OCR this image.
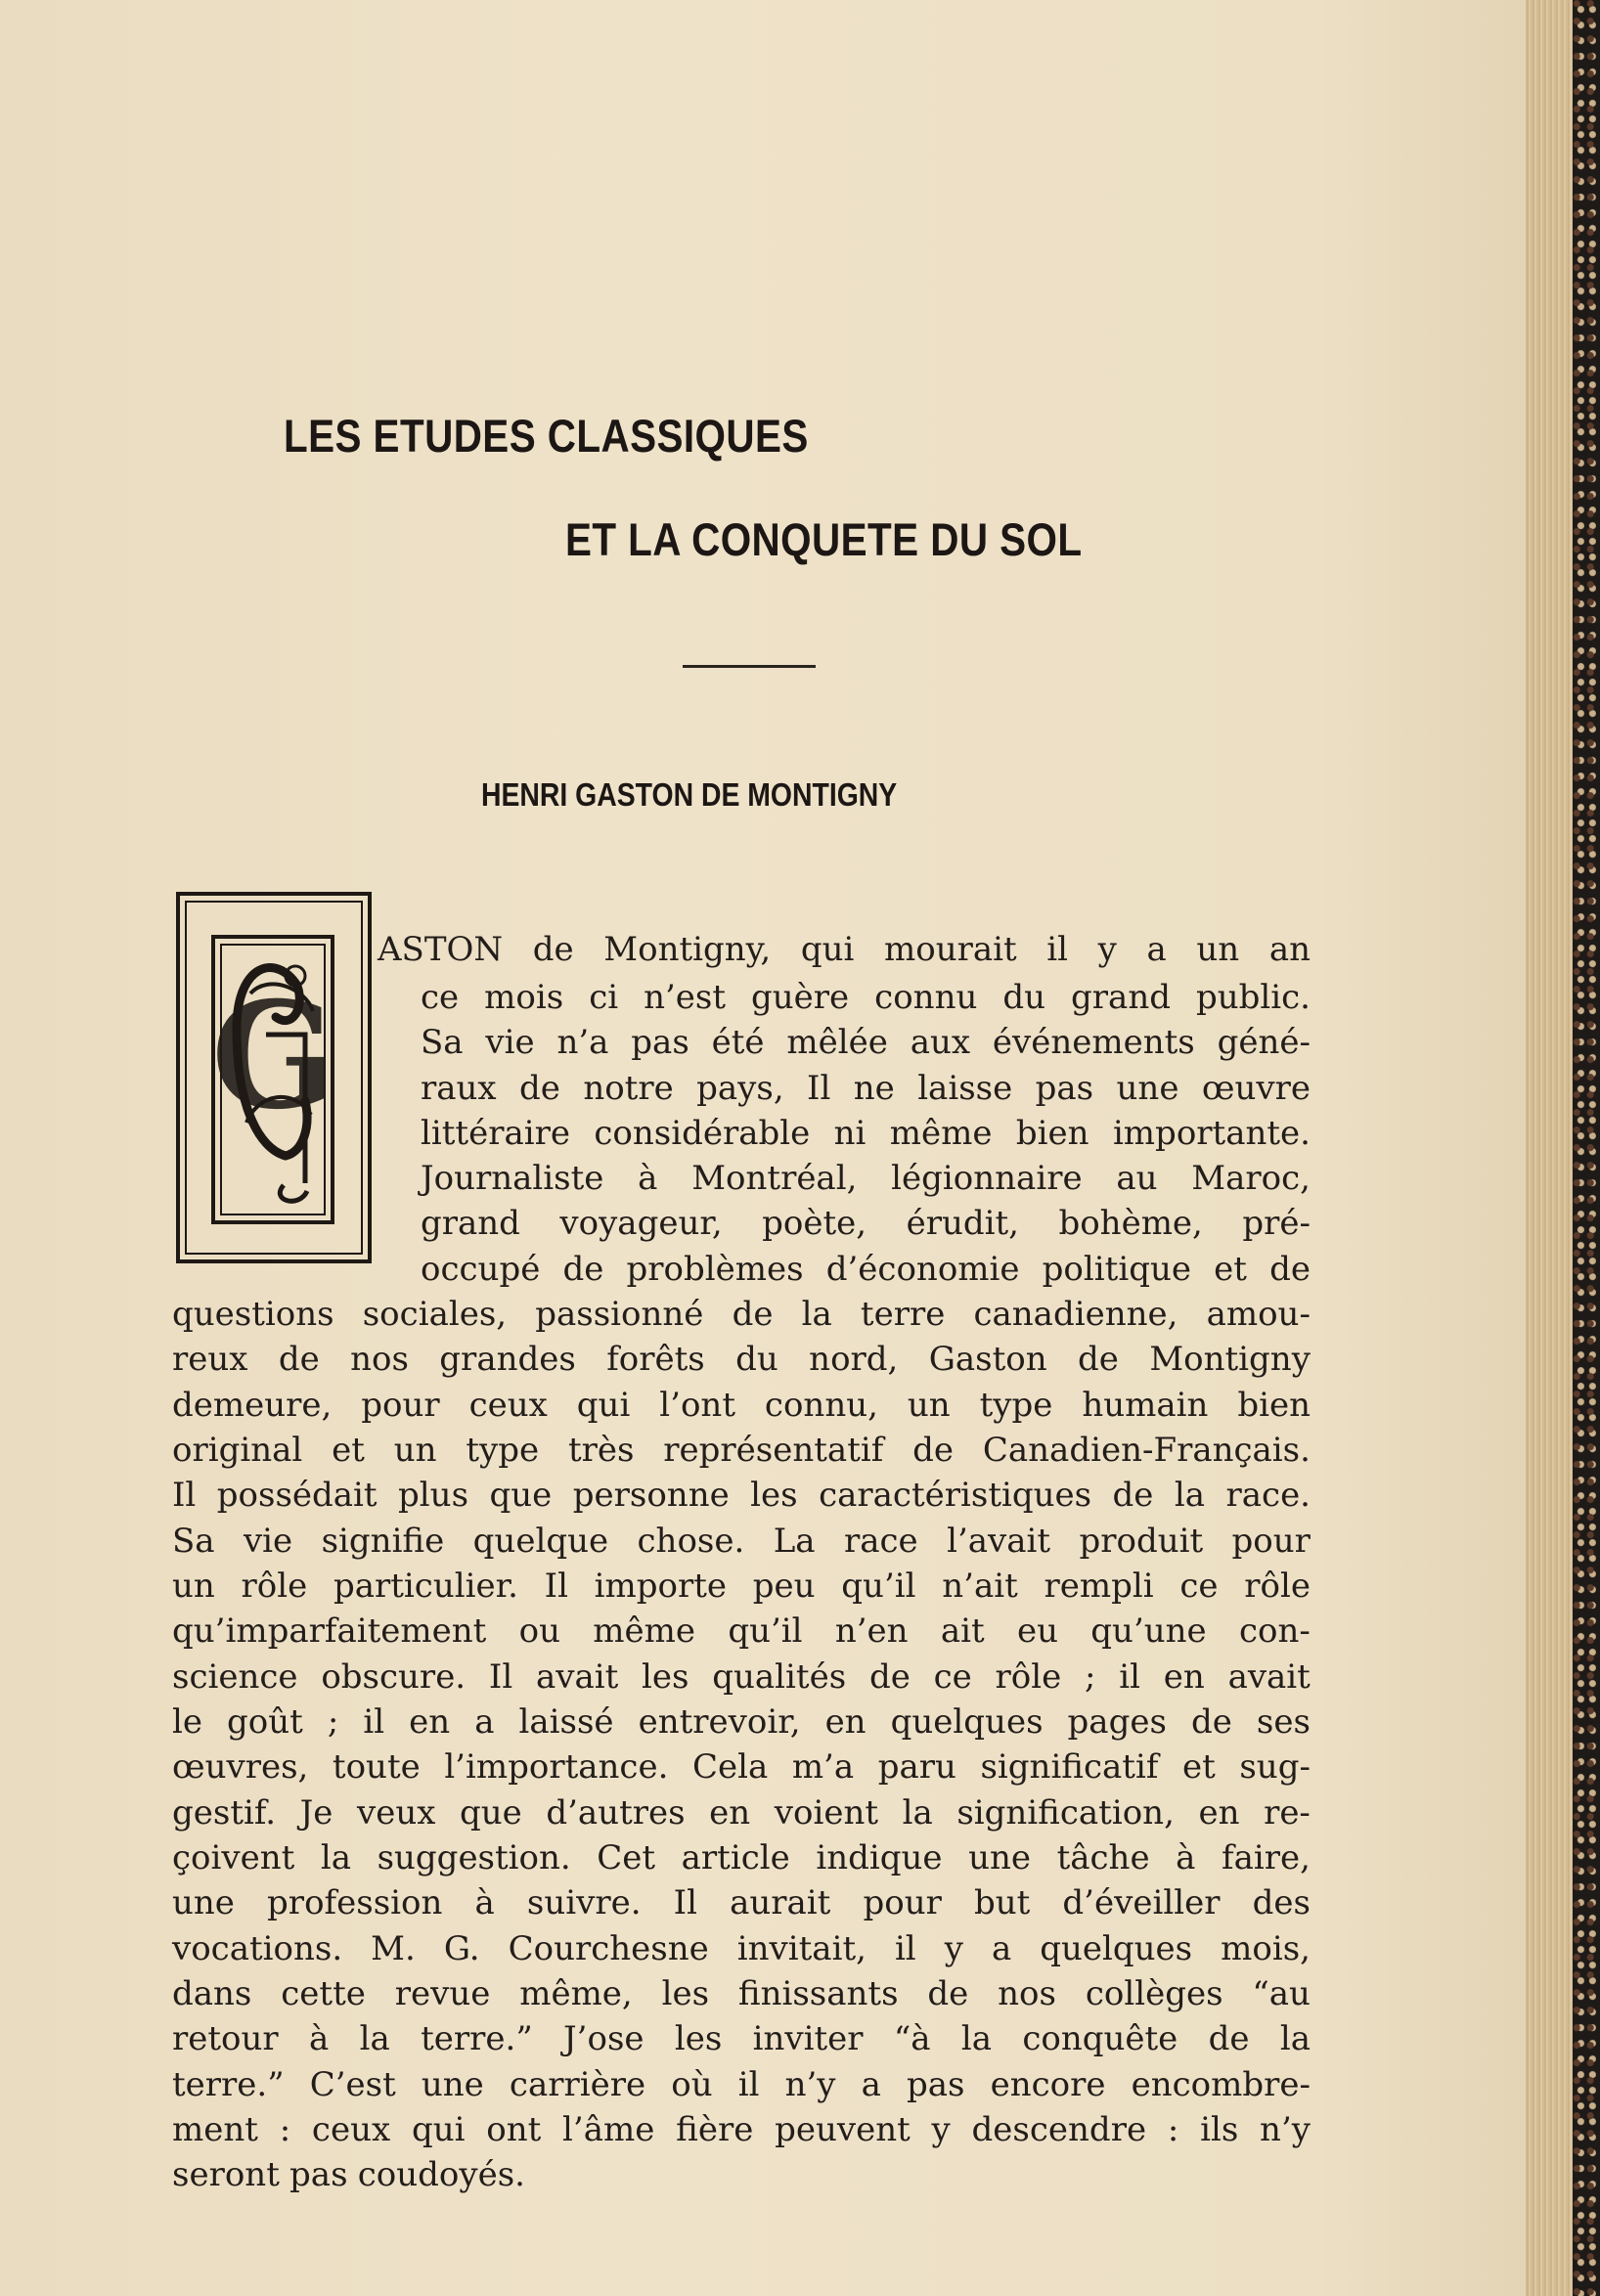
LES ETUDES CLASSIQUES
ET LA CONQUETE DU SOL
HENRI GASTON DE MONTIGNY
G
ASTON de Montigny, qui mourait il y a un an
ce mois ci n’est guère connu du grand public.
Sa vie n’a pas été mêlée aux événements géné-
raux de notre pays, Il ne laisse pas une œuvre
littéraire considérable ni même bien importante.
Journaliste à Montréal, légionnaire au Maroc,
grand voyageur, poète, érudit, bohème, pré-
occupé de problèmes d’économie politique et de
questions sociales, passionné de la terre canadienne, amou-
reux de nos grandes forêts du nord, Gaston de Montigny
demeure, pour ceux qui l’ont connu, un type humain bien
original et un type très représentatif de Canadien-Français.
Il possédait plus que personne les caractéristiques de la race.
Sa vie signifie quelque chose. La race l’avait produit pour
un rôle particulier. Il importe peu qu’il n’ait rempli ce rôle
qu’imparfaitement ou même qu’il n’en ait eu qu’une con-
science obscure. Il avait les qualités de ce rôle ; il en avait
le goût ; il en a laissé entrevoir, en quelques pages de ses
œuvres, toute l’importance. Cela m’a paru significatif et sug-
gestif. Je veux que d’autres en voient la signification, en re-
çoivent la suggestion. Cet article indique une tâche à faire,
une profession à suivre. Il aurait pour but d’éveiller des
vocations. M. G. Courchesne invitait, il y a quelques mois,
dans cette revue même, les finissants de nos collèges “au
retour à la terre.” J’ose les inviter “à la conquête de la
terre.” C’est une carrière où il n’y a pas encore encombre-
ment : ceux qui ont l’âme fière peuvent y descendre : ils n’y
seront pas coudoyés.
